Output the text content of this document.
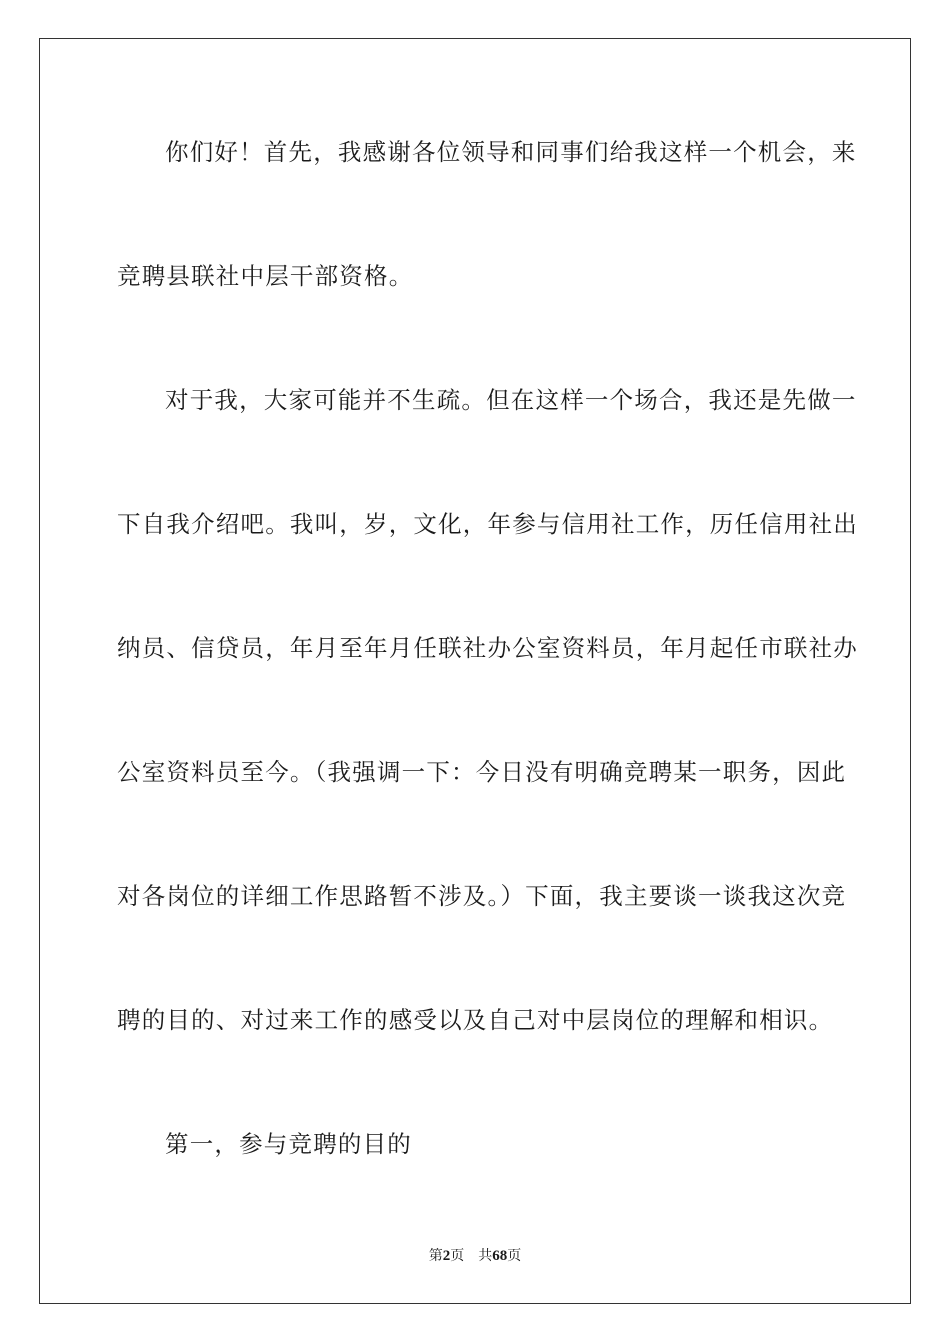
你们好！首先，我感谢各位领导和同事们给我这样一个机会，来
竞聘县联社中层干部资格。
对于我，大家可能并不生疏。但在这样一个场合，我还是先做一
下自我介绍吧。我叫，岁，文化，年参与信用社工作，历任信用社出
纳员、信贷员，年月至年月任联社办公室资料员，年月起任市联社办
公室资料员至今。（我强调一下：今日没有明确竞聘某一职务，因此
对各岗位的详细工作思路暂不涉及。）下面，我主要谈一谈我这次竞
聘的目的、对过来工作的感受以及自己对中层岗位的理解和相识。
第一，参与竞聘的目的
第2页 共68页
